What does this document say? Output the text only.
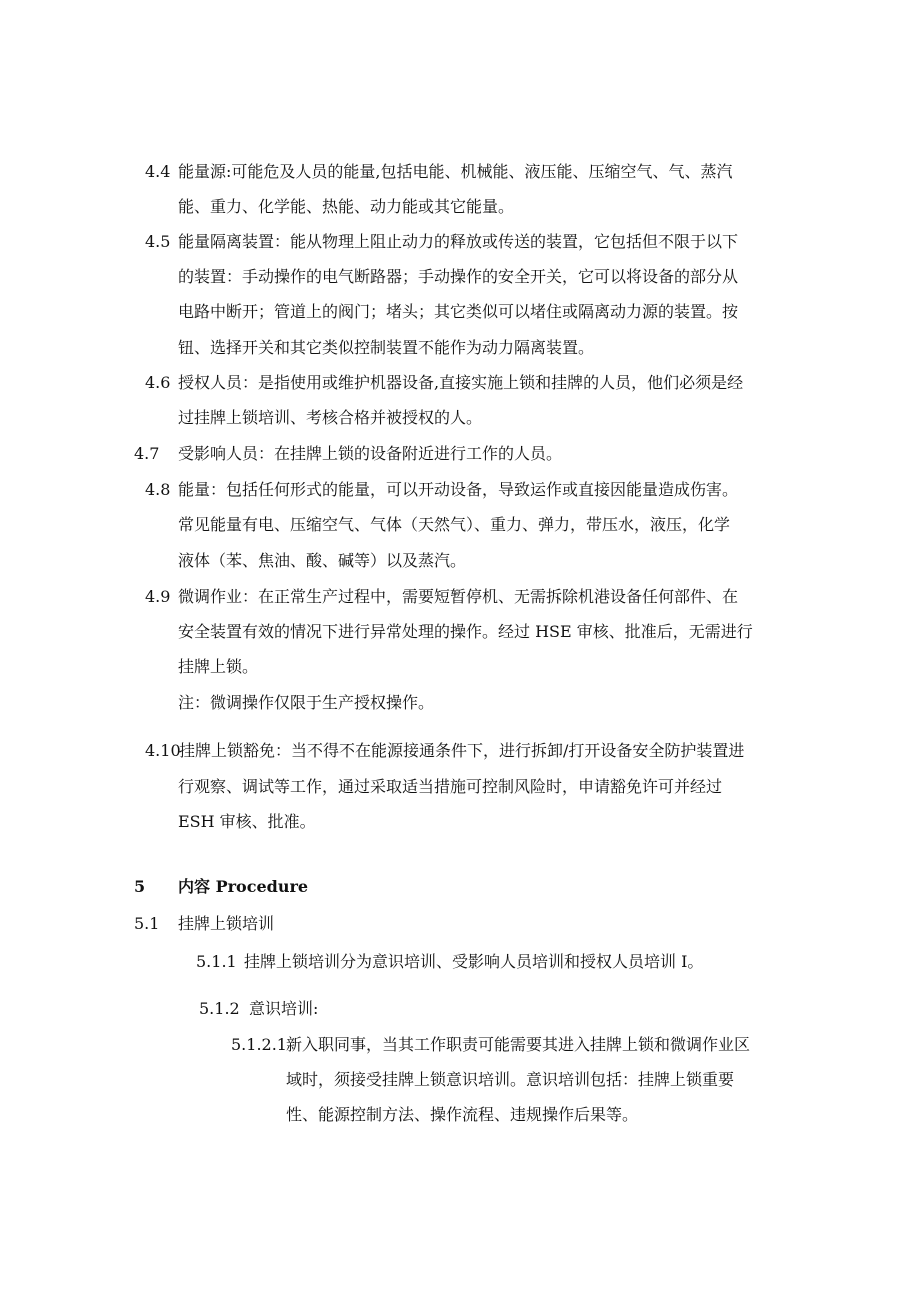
4.4 能量源:可能危及人员的能量,包括电能、机械能、液压能、压缩空气、气、蒸汽
能、重力、化学能、热能、动力能或其它能量。
4.5 能量隔离装置：能从物理上阻止动力的释放或传送的装置，它包括但不限于以下
的装置：手动操作的电气断路器；手动操作的安全开关，它可以将设备的部分从
电路中断开；管道上的阀门；堵头；其它类似可以堵住或隔离动力源的装置。按
钮、选择开关和其它类似控制装置不能作为动力隔离装置。
4.6 授权人员：是指使用或维护机器设备,直接实施上锁和挂牌的人员，他们必须是经
过挂牌上锁培训、考核合格并被授权的人。
4.7 受影响人员：在挂牌上锁的设备附近进行工作的人员。
4.8 能量：包括任何形式的能量，可以开动设备，导致运作或直接因能量造成伤害。
常见能量有电、压缩空气、气体（天然气）、重力、弹力，带压水，液压，化学
液体（苯、焦油、酸、碱等）以及蒸汽。
4.9 微调作业：在正常生产过程中，需要短暂停机、无需拆除机港设备任何部件、在
安全装置有效的情况下进行异常处理的操作。经过 HSE 审核、批准后，无需进行
挂牌上锁。
注：微调操作仅限于生产授权操作。
4.10
挂牌上锁豁免：当不得不在能源接通条件下，进行拆卸/打开设备安全防护装置进
行观察、调试等工作，通过采取适当措施可控制风险时，申请豁免许可并经过
ESH 审核、批准。
5 内容 Procedure
5.1 挂牌上锁培训
5.1.1 挂牌上锁培训分为意识培训、受影响人员培训和授权人员培训 I。
5.1.2 意识培训:
5.1.2.1 新入职同事，当其工作职责可能需要其进入挂牌上锁和微调作业区
域时，须接受挂牌上锁意识培训。意识培训包括：挂牌上锁重要
性、能源控制方法、操作流程、违规操作后果等。
